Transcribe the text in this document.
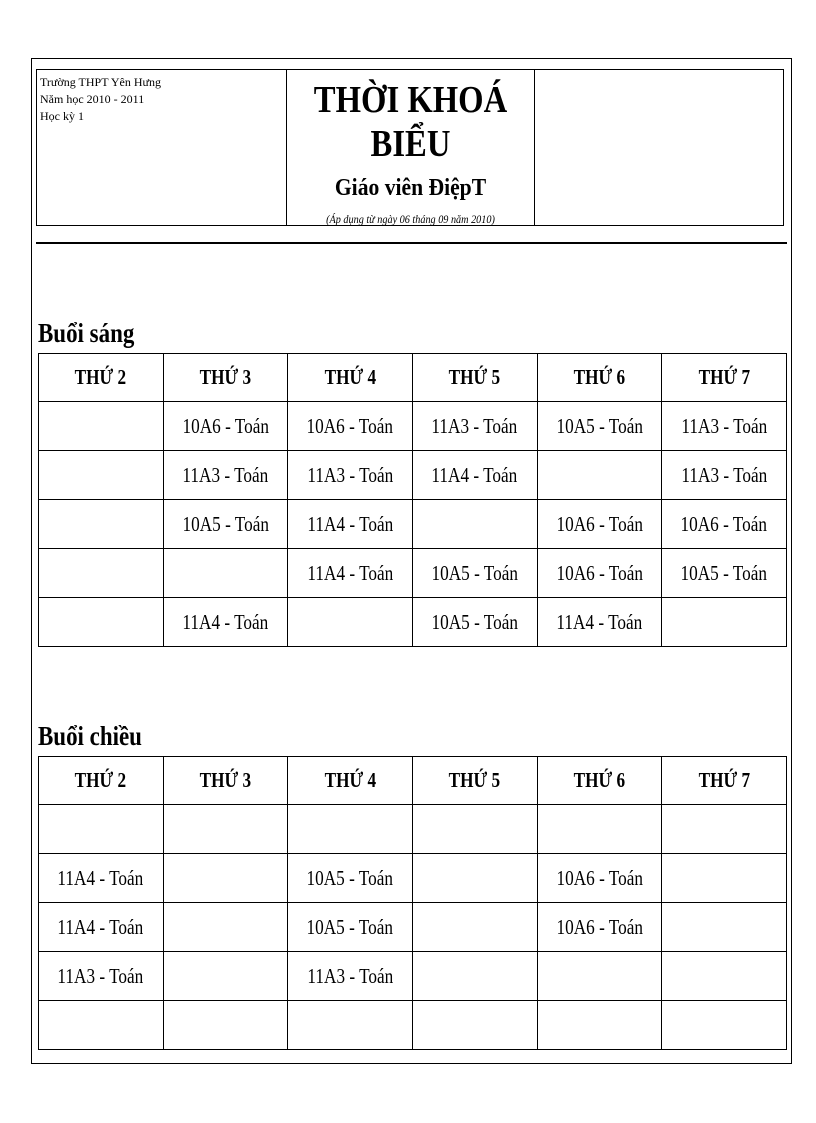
Trường THPT Yên Hưng
Năm học 2010 - 2011
Học kỳ 1	THỜI KHOÁ BIỂU
Giáo viên ĐiệpT
(Áp dụng từ ngày 06 tháng 09 năm 2010)
Buổi sáng
THỨ 2	THỨ 3	THỨ 4	THỨ 5	THỨ 6	THỨ 7
	10A6 - Toán	10A6 - Toán	11A3 - Toán	10A5 - Toán	11A3 - Toán
	11A3 - Toán	11A3 - Toán	11A4 - Toán		11A3 - Toán
	10A5 - Toán	11A4 - Toán		10A6 - Toán	10A6 - Toán
		11A4 - Toán	10A5 - Toán	10A6 - Toán	10A5 - Toán
	11A4 - Toán		10A5 - Toán	11A4 - Toán	
Buổi chiều
THỨ 2	THỨ 3	THỨ 4	THỨ 5	THỨ 6	THỨ 7

11A4 - Toán		10A5 - Toán		10A6 - Toán	
11A4 - Toán		10A5 - Toán		10A6 - Toán	
11A3 - Toán		11A3 - Toán			
